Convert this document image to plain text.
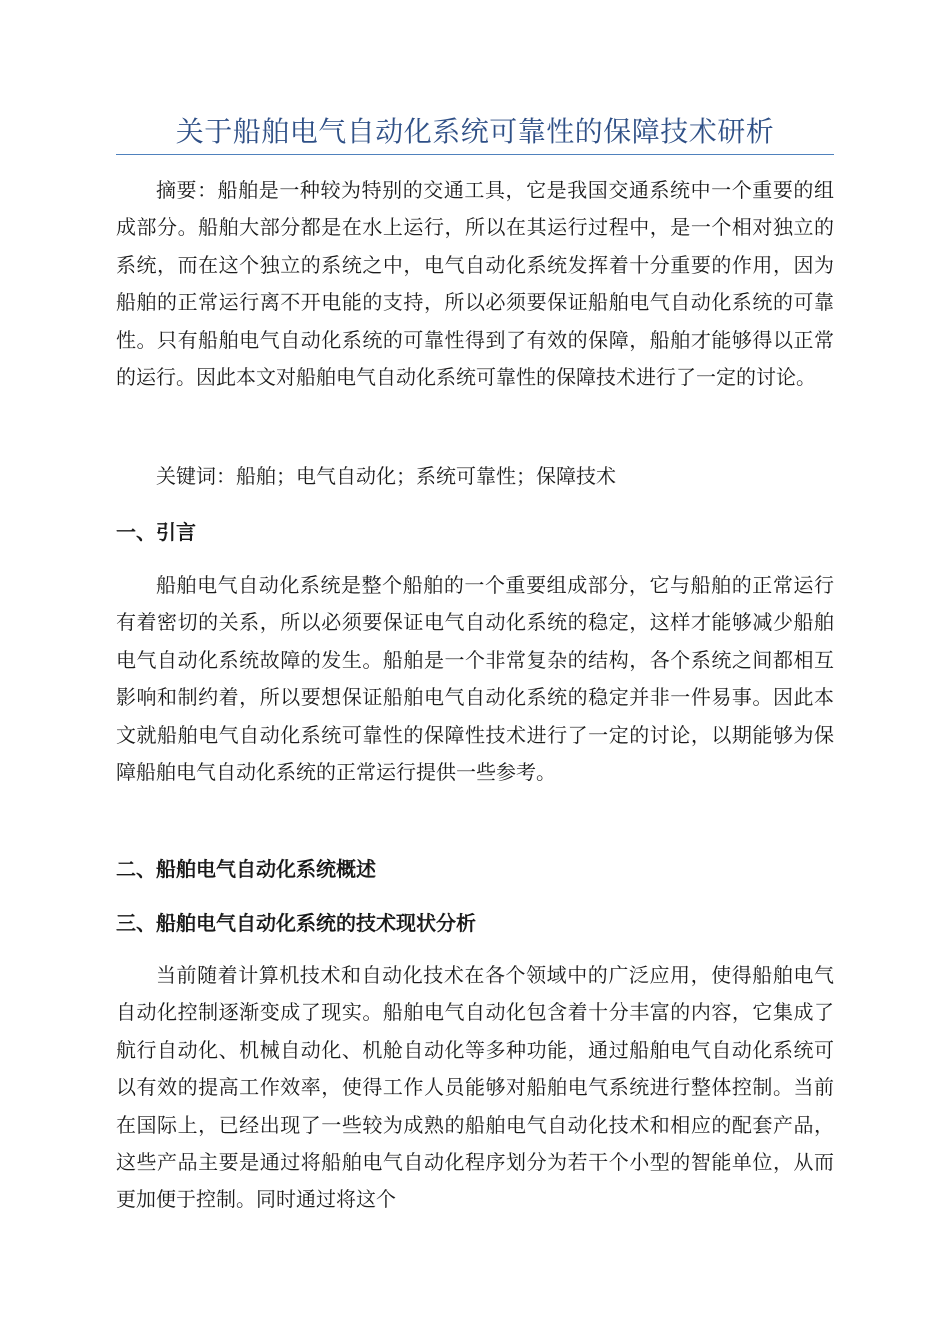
关于船舶电气自动化系统可靠性的保障技术研析

摘要：船舶是一种较为特别的交通工具，它是我国交通系统中一个重要的组成部分。船舶大部分都是在水上运行，所以在其运行过程中，是一个相对独立的系统，而在这个独立的系统之中，电气自动化系统发挥着十分重要的作用，因为船舶的正常运行离不开电能的支持，所以必须要保证船舶电气自动化系统的可靠性。只有船舶电气自动化系统的可靠性得到了有效的保障，船舶才能够得以正常的运行。因此本文对船舶电气自动化系统可靠性的保障技术进行了一定的讨论。

关键词：船舶；电气自动化；系统可靠性；保障技术

一、引言

船舶电气自动化系统是整个船舶的一个重要组成部分，它与船舶的正常运行有着密切的关系，所以必须要保证电气自动化系统的稳定，这样才能够减少船舶电气自动化系统故障的发生。船舶是一个非常复杂的结构，各个系统之间都相互影响和制约着，所以要想保证船舶电气自动化系统的稳定并非一件易事。因此本文就船舶电气自动化系统可靠性的保障性技术进行了一定的讨论，以期能够为保障船舶电气自动化系统的正常运行提供一些参考。

二、船舶电气自动化系统概述
三、船舶电气自动化系统的技术现状分析

当前随着计算机技术和自动化技术在各个领域中的广泛应用，使得船舶电气自动化控制逐渐变成了现实。船舶电气自动化包含着十分丰富的内容，它集成了航行自动化、机械自动化、机舱自动化等多种功能，通过船舶电气自动化系统可以有效的提高工作效率，使得工作人员能够对船舶电气系统进行整体控制。当前在国际上，已经出现了一些较为成熟的船舶电气自动化技术和相应的配套产品，这些产品主要是通过将船舶电气自动化程序划分为若干个小型的智能单位，从而更加便于控制。同时通过将这个
